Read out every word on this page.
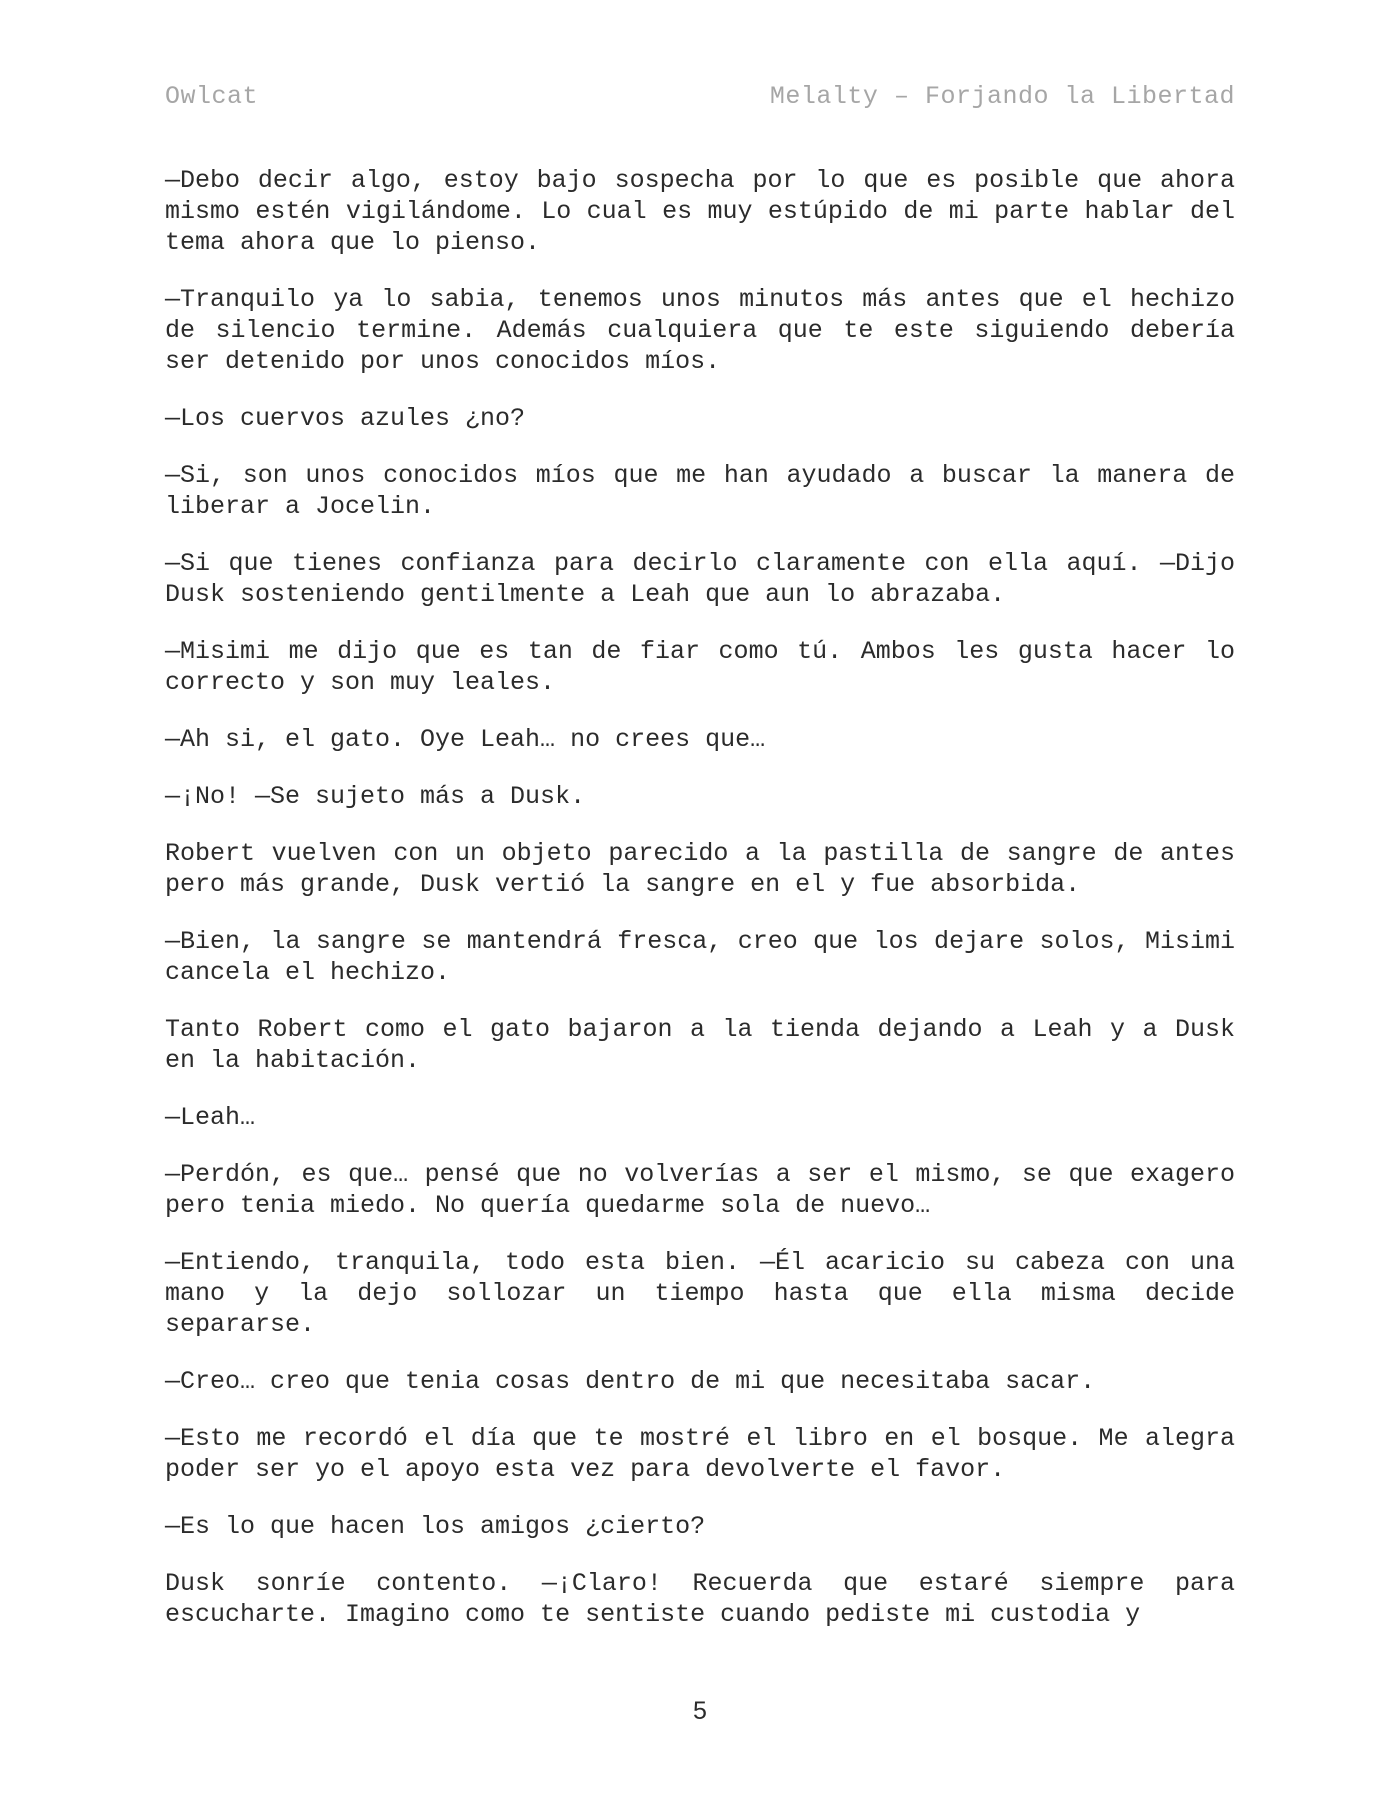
Owlcat	Melalty – Forjando la Libertad

—Debo decir algo, estoy bajo sospecha por lo que es posible que ahora mismo estén vigilándome. Lo cual es muy estúpido de mi parte hablar del tema ahora que lo pienso.

—Tranquilo ya lo sabia, tenemos unos minutos más antes que el hechizo de silencio termine. Además cualquiera que te este siguiendo debería ser detenido por unos conocidos míos.

—Los cuervos azules ¿no?

—Si, son unos conocidos míos que me han ayudado a buscar la manera de liberar a Jocelin.

—Si que tienes confianza para decirlo claramente con ella aquí. —Dijo Dusk sosteniendo gentilmente a Leah que aun lo abrazaba.

—Misimi me dijo que es tan de fiar como tú. Ambos les gusta hacer lo correcto y son muy leales.

—Ah si, el gato. Oye Leah… no crees que…

—¡No! —Se sujeto más a Dusk.

Robert vuelven con un objeto parecido a la pastilla de sangre de antes pero más grande, Dusk vertió la sangre en el y fue absorbida.

—Bien, la sangre se mantendrá fresca, creo que los dejare solos, Misimi cancela el hechizo.

Tanto Robert como el gato bajaron a la tienda dejando a Leah y a Dusk en la habitación.

—Leah…

—Perdón, es que… pensé que no volverías a ser el mismo, se que exagero pero tenia miedo. No quería quedarme sola de nuevo…

—Entiendo, tranquila, todo esta bien. —Él acaricio su cabeza con una mano y la dejo sollozar un tiempo hasta que ella misma decide separarse.

—Creo… creo que tenia cosas dentro de mi que necesitaba sacar.

—Esto me recordó el día que te mostré el libro en el bosque. Me alegra poder ser yo el apoyo esta vez para devolverte el favor.

—Es lo que hacen los amigos ¿cierto?

Dusk sonríe contento. —¡Claro! Recuerda que estaré siempre para escucharte. Imagino como te sentiste cuando pediste mi custodia y

5
